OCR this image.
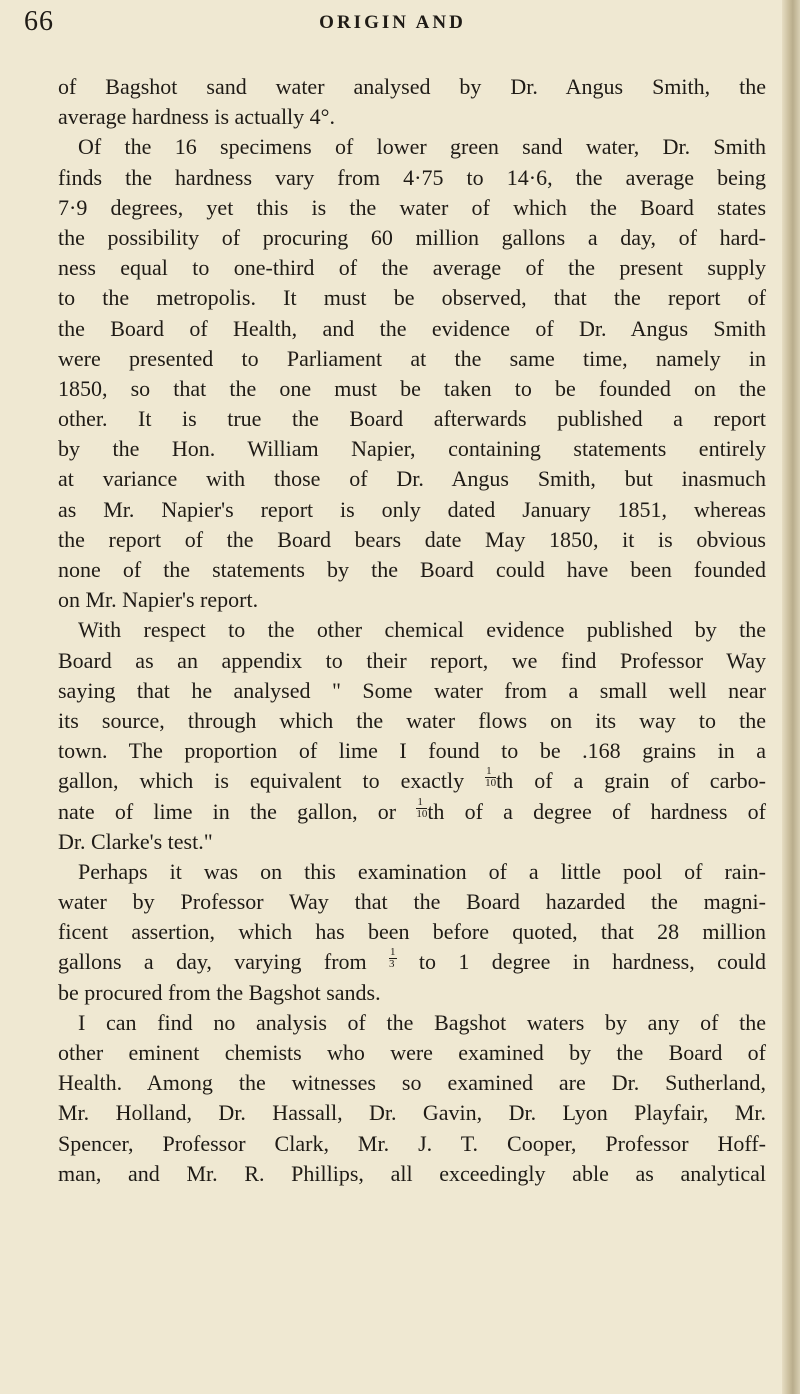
66	ORIGIN AND
of Bagshot sand water analysed by Dr. Angus Smith, the
average hardness is actually 4°.
Of the 16 specimens of lower green sand water, Dr. Smith
finds the hardness vary from 4·75 to 14·6, the average being
7·9 degrees, yet this is the water of which the Board states
the possibility of procuring 60 million gallons a day, of hard-
ness equal to one-third of the average of the present supply
to the metropolis. It must be observed, that the report of
the Board of Health, and the evidence of Dr. Angus Smith
were presented to Parliament at the same time, namely in
1850, so that the one must be taken to be founded on the
other. It is true the Board afterwards published a report
by the Hon. William Napier, containing statements entirely
at variance with those of Dr. Angus Smith, but inasmuch
as Mr. Napier's report is only dated January 1851, whereas
the report of the Board bears date May 1850, it is obvious
none of the statements by the Board could have been founded
on Mr. Napier's report.
With respect to the other chemical evidence published by the
Board as an appendix to their report, we find Professor Way
saying that he analysed " Some water from a small well near
its source, through which the water flows on its way to the
town. The proportion of lime I found to be .168 grains in a
gallon, which is equivalent to exactly $\frac{1}{10}$ th of a grain of carbo-
nate of lime in the gallon, or $\frac{1}{10}$ th of a degree of hardness of
Dr. Clarke's test."
Perhaps it was on this examination of a little pool of rain-
water by Professor Way that the Board hazarded the magni-
ficent assertion, which has been before quoted, that 28 million
gallons a day, varying from $\frac{1}{3}$ to 1 degree in hardness, could
be procured from the Bagshot sands.
I can find no analysis of the Bagshot waters by any of the
other eminent chemists who were examined by the Board of
Health. Among the witnesses so examined are Dr. Sutherland,
Mr. Holland, Dr. Hassall, Dr. Gavin, Dr. Lyon Playfair, Mr.
Spencer, Professor Clark, Mr. J. T. Cooper, Professor Hoff-
man, and Mr. R. Phillips, all exceedingly able as analytical
